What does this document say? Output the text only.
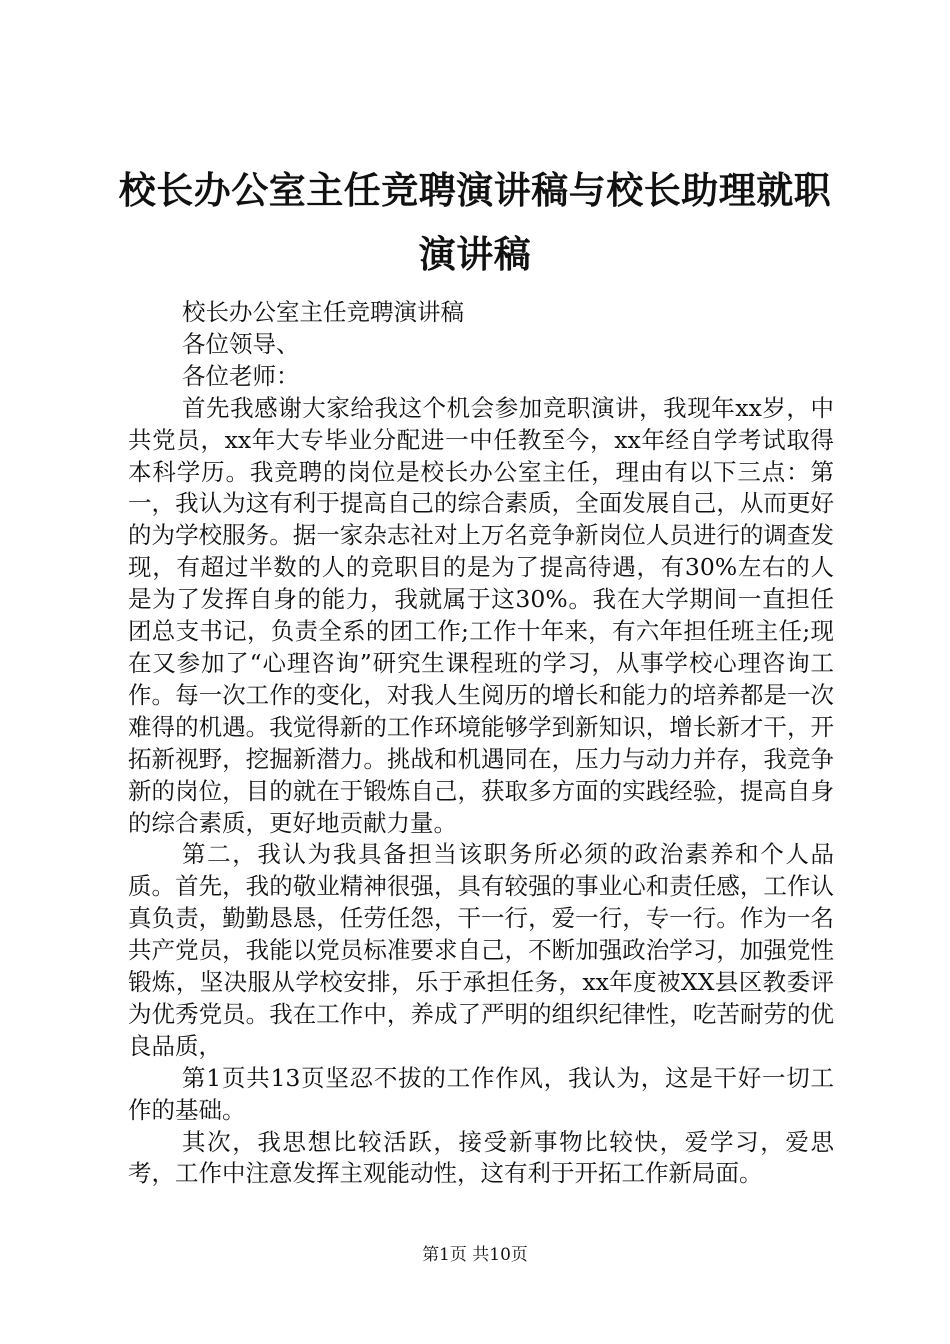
校长办公室主任竞聘演讲稿与校长助理就职演讲稿
校长办公室主任竞聘演讲稿
各位领导、
各位老师：
首先我感谢大家给我这个机会参加竞职演讲，我现年xx岁，中共党员，xx年大专毕业分配进一中任教至今，xx年经自学考试取得本科学历。我竞聘的岗位是校长办公室主任，理由有以下三点：第一，我认为这有利于提高自己的综合素质，全面发展自己，从而更好的为学校服务。据一家杂志社对上万名竞争新岗位人员进行的调查发现，有超过半数的人的竞职目的是为了提高待遇，有30%左右的人是为了发挥自身的能力，我就属于这30%。我在大学期间一直担任团总支书记，负责全系的团工作;工作十年来，有六年担任班主任;现在又参加了“心理咨询”研究生课程班的学习，从事学校心理咨询工作。每一次工作的变化，对我人生阅历的增长和能力的培养都是一次难得的机遇。我觉得新的工作环境能够学到新知识，增长新才干，开拓新视野，挖掘新潜力。挑战和机遇同在，压力与动力并存，我竞争新的岗位，目的就在于锻炼自己，获取多方面的实践经验，提高自身的综合素质，更好地贡献力量。
第二，我认为我具备担当该职务所必须的政治素养和个人品质。首先，我的敬业精神很强，具有较强的事业心和责任感，工作认真负责，勤勤恳恳，任劳任怨，干一行，爱一行，专一行。作为一名共产党员，我能以党员标准要求自己，不断加强政治学习，加强党性锻炼，坚决服从学校安排，乐于承担任务，xx年度被XX县区教委评为优秀党员。我在工作中，养成了严明的组织纪律性，吃苦耐劳的优良品质，
第1页共13页坚忍不拔的工作作风，我认为，这是干好一切工作的基础。
其次，我思想比较活跃，接受新事物比较快，爱学习，爱思考，工作中注意发挥主观能动性，这有利于开拓工作新局面。
第1页 共10页
